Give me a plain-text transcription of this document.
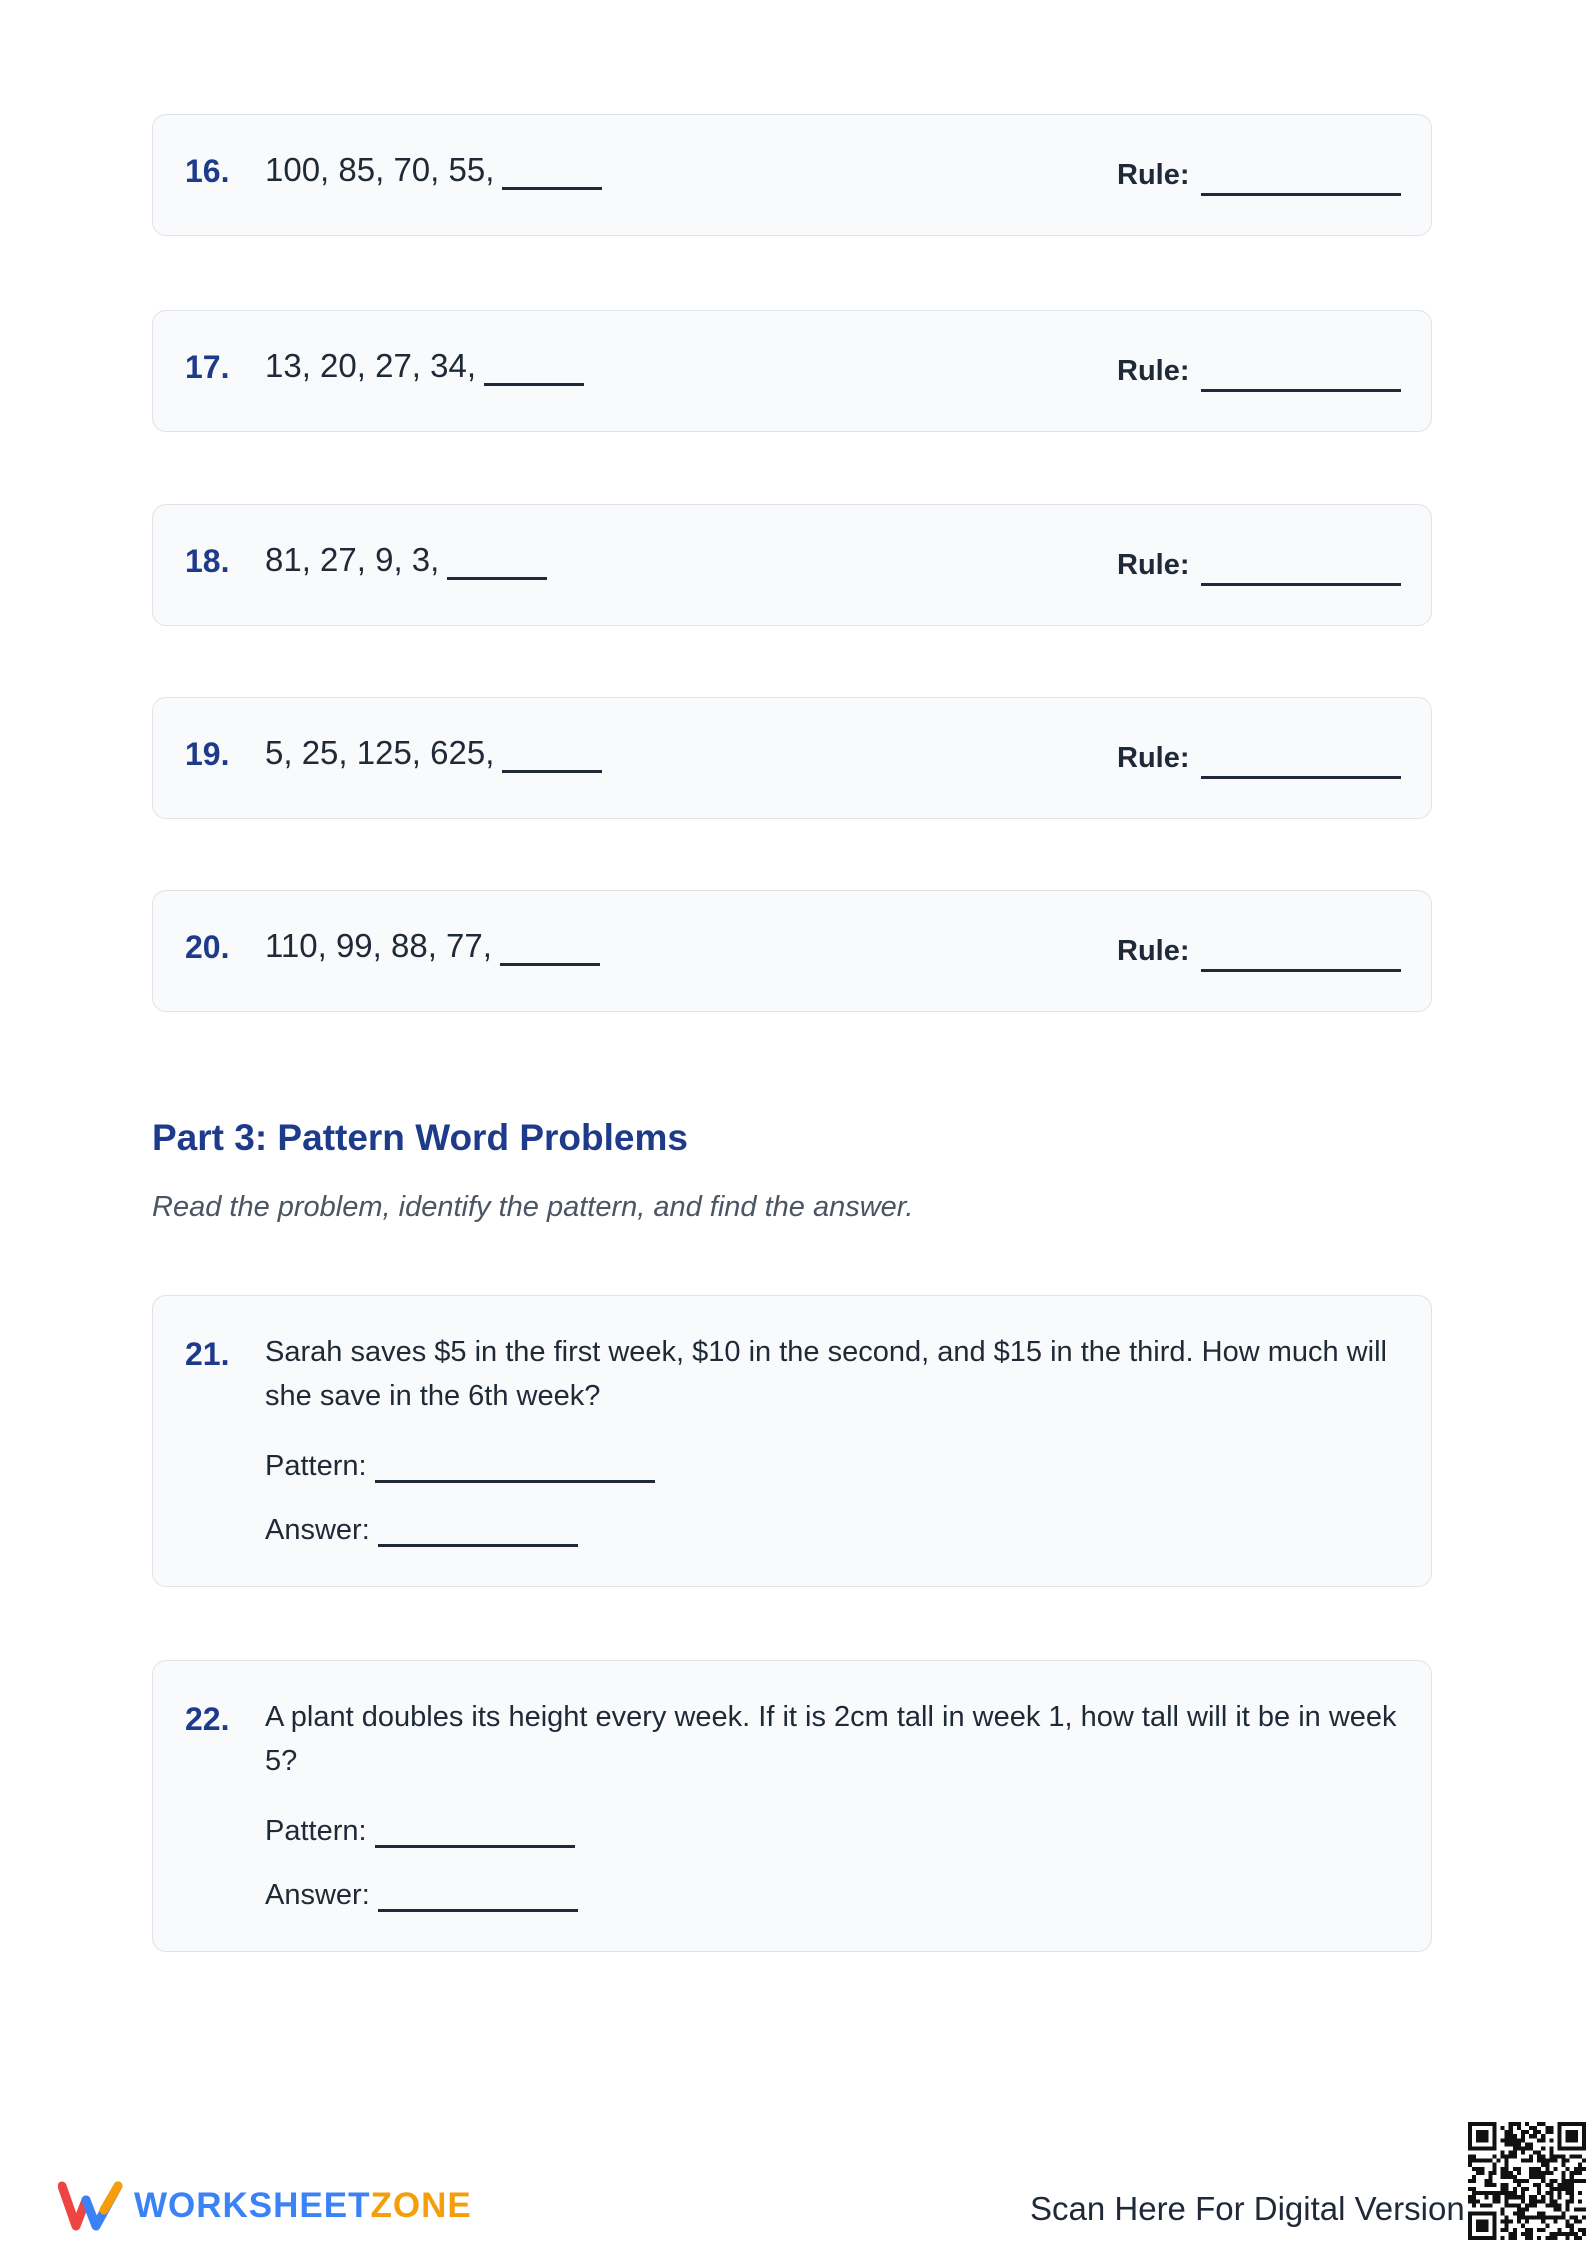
16. 100, 85, 70, 55,	Rule:
17. 13, 20, 27, 34,	Rule:
18. 81, 27, 9, 3,	Rule:
19. 5, 25, 125, 625,	Rule:
20. 110, 99, 88, 77,	Rule:
Part 3: Pattern Word Problems

Read the problem, identify the pattern, and find the answer.

21. Sarah saves $5 in the first week, $10 in the second, and $15 in the third. How much will she save in the 6th week?
Pattern:
Answer:
22. A plant doubles its height every week. If it is 2cm tall in week 1, how tall will it be in week 5?
Pattern:
Answer:
WORKSHEETZONE	Scan Here For Digital Version
